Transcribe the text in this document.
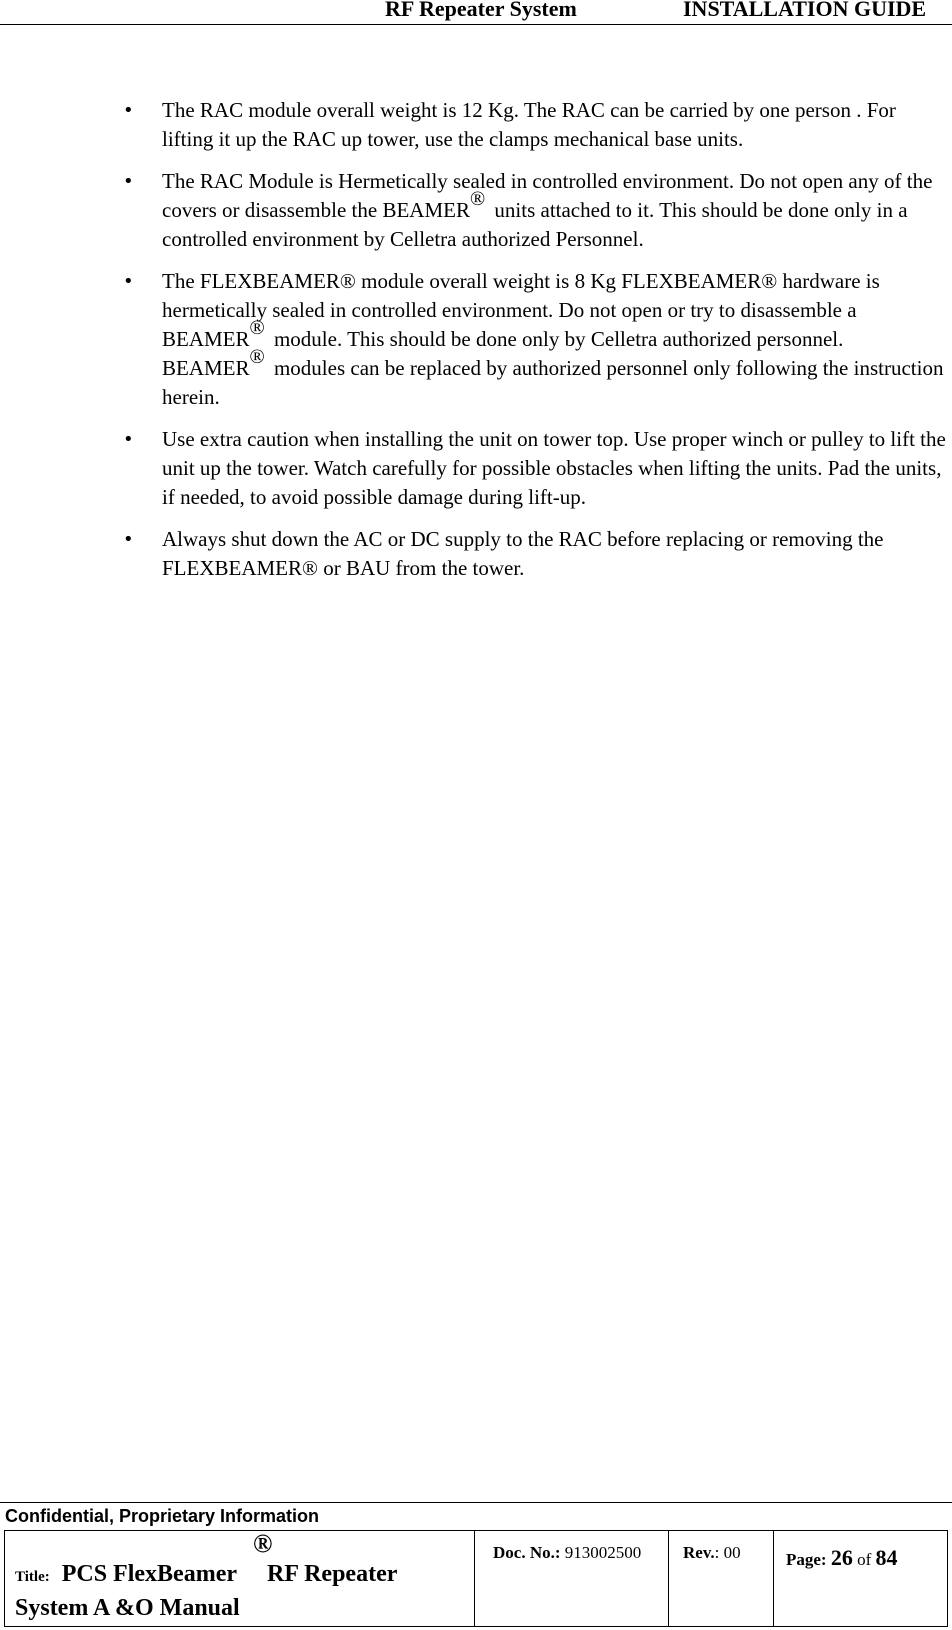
RF Repeater System	INSTALLATION GUIDE
• The RAC module overall weight is 12 Kg. The RAC can be carried by one person . For lifting it up the RAC up tower, use the clamps mechanical base units.
• The RAC Module is Hermetically sealed in controlled environment. Do not open any of the covers or disassemble the BEAMER® units attached to it. This should be done only in a controlled environment by Celletra authorized Personnel.
• The FLEXBEAMER® module overall weight is 8 Kg FLEXBEAMER® hardware is hermetically sealed in controlled environment. Do not open or try to disassemble a BEAMER® module. This should be done only by Celletra authorized personnel. BEAMER® modules can be replaced by authorized personnel only following the instruction herein.
• Use extra caution when installing the unit on tower top. Use proper winch or pulley to lift the unit up the tower. Watch carefully for possible obstacles when lifting the units. Pad the units, if needed, to avoid possible damage during lift-up.
• Always shut down the AC or DC supply to the RAC before replacing or removing the FLEXBEAMER® or BAU from the tower.
Confidential, Proprietary Information
®
Title: PCS FlexBeamer RF Repeater
System A &O Manual
Doc. No.: 913002500 Rev.: 00	Page: 26 of 84
